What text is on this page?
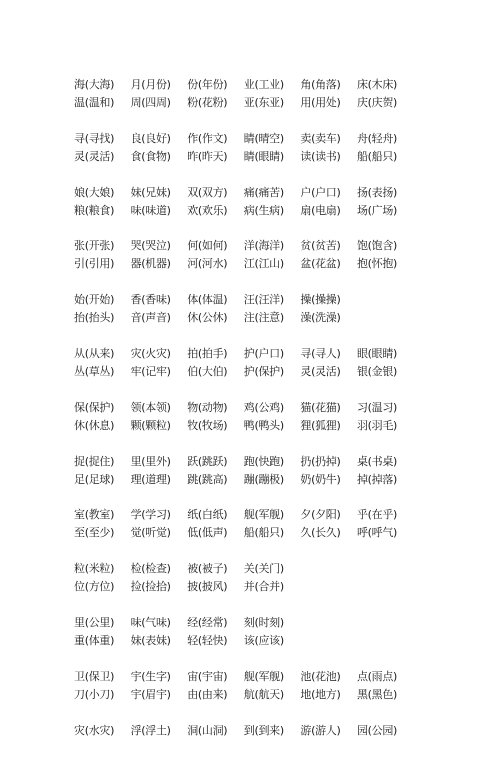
海(大海)	月(月份)	份(年份)	业(工业)	角(角落)	床(木床)
温(温和)	周(四周)	粉(花粉)	亚(东亚)	用(用处)	庆(庆贺)
寻(寻找)	良(良好)	作(作文)	睛(晴空)	卖(卖车)	舟(轻舟)
灵(灵活)	食(食物)	昨(昨天)	睛(眼睛)	读(读书)	船(船只)
娘(大娘)	妹(兄妹)	双(双方)	痛(痛苦)	户(户口)	扬(表扬)
粮(粮食)	味(味道)	欢(欢乐)	病(生病)	扇(电扇)	场(广场)
张(开张)	哭(哭泣)	何(如何)	洋(海洋)	贫(贫苦)	饱(饱含)
引(引用)	器(机器)	河(河水)	江(江山)	盆(花盆)	抱(怀抱)
始(开始)	香(香味)	体(体温)	汪(汪洋)	操(操操)
抬(抬头)	音(声音)	休(公休)	注(注意)	澡(洗澡)
从(从来)	灾(火灾)	拍(拍手)	护(户口)	寻(寻人)	眼(眼睛)
丛(草丛)	牢(记牢)	伯(大伯)	护(保护)	灵(灵活)	银(金银)
保(保护)	领(本领)	物(动物)	鸡(公鸡)	猫(花猫)	习(温习)
休(休息)	颗(颗粒)	牧(牧场)	鸭(鸭头)	狸(狐狸)	羽(羽毛)
捉(捉住)	里(里外)	跃(跳跃)	跑(快跑)	扔(扔掉)	桌(书桌)
足(足球)	理(道理)	跳(跳高)	蹦(蹦极)	奶(奶牛)	掉(掉落)
室(教室)	学(学习)	纸(白纸)	舰(军舰)	夕(夕阳)	乎(在乎)
至(至少)	觉(听觉)	低(低声)	船(船只)	久(长久)	呼(呼气)
粒(米粒)	检(检查)	被(被子)	关(关门)
位(方位)	捡(捡拾)	披(披风)	并(合并)
里(公里)	味(气味)	经(经常)	刻(时刻)
重(体重)	妹(表妹)	轻(轻快)	该(应该)
卫(保卫)	宇(生字)	宙(宇宙)	舰(军舰)	池(花池)	点(雨点)
刀(小刀)	宇(眉宇)	由(由来)	航(航天)	地(地方)	黑(黑色)
灾(水灾)	浮(浮土)	洞(山洞)	到(到来)	游(游人)	园(公园)
